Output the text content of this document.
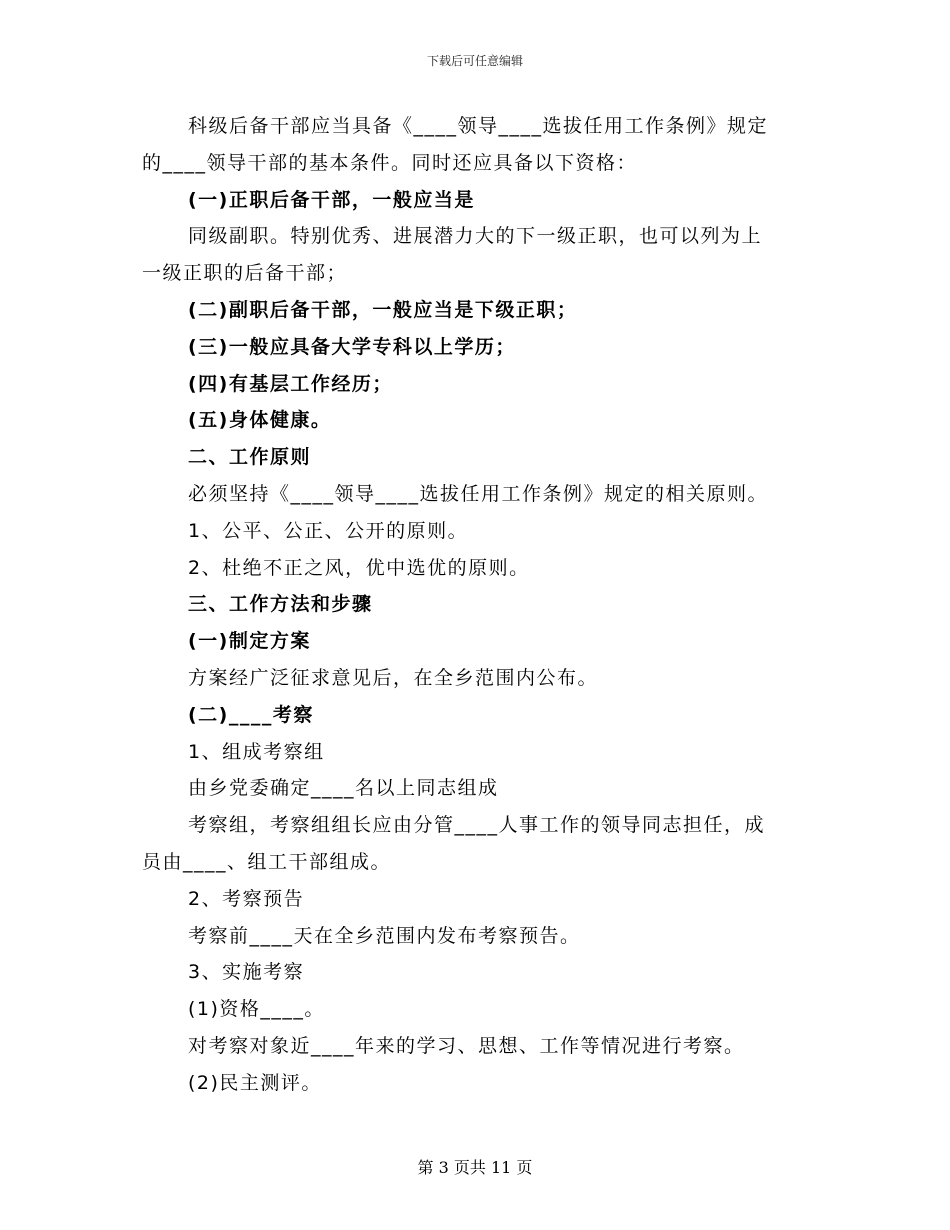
下载后可任意编辑
科级后备干部应当具备《____领导____选拔任用工作条例》规定
的____领导干部的基本条件。同时还应具备以下资格：
(一)正职后备干部，一般应当是
同级副职。特别优秀、进展潜力大的下一级正职，也可以列为上
一级正职的后备干部；
(二)副职后备干部，一般应当是下级正职；
(三)一般应具备大学专科以上学历；
(四)有基层工作经历；
(五)身体健康。
二、工作原则
必须坚持《____领导____选拔任用工作条例》规定的相关原则。
1、公平、公正、公开的原则。
2、杜绝不正之风，优中选优的原则。
三、工作方法和步骤
(一)制定方案
方案经广泛征求意见后，在全乡范围内公布。
(二)____考察
1、组成考察组
由乡党委确定____名以上同志组成
考察组，考察组组长应由分管____人事工作的领导同志担任，成
员由____、组工干部组成。
2、考察预告
考察前____天在全乡范围内发布考察预告。
3、实施考察
(1)资格____。
对考察对象近____年来的学习、思想、工作等情况进行考察。
(2)民主测评。
第 3 页共 11 页
